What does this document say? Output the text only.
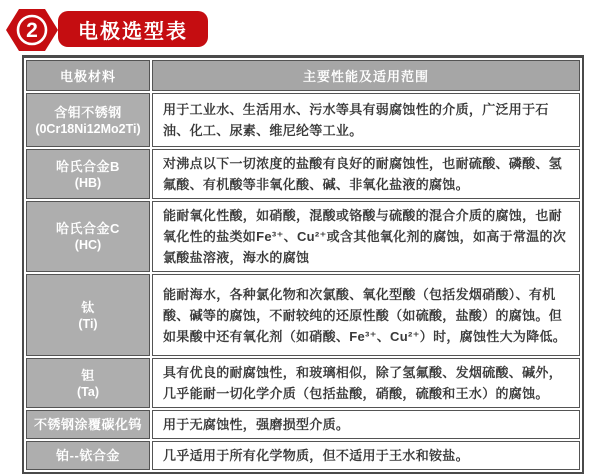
2 电极选型表
电极材料	主要性能及适用范围

含钼不锈钢
(0Cr18Ni12Mo2Ti)	用于工业水、生活用水、污水等具有弱腐蚀性的介质，广泛用于石油、化工、尿素、维尼纶等工业。

哈氏合金B
(HB)	对沸点以下一切浓度的盐酸有良好的耐腐蚀性，也耐硫酸、磷酸、氢氟酸、有机酸等非氧化酸、碱、非氧化盐液的腐蚀。

哈氏合金C
(HC)	能耐氧化性酸，如硝酸，混酸或铬酸与硫酸的混合介质的腐蚀，也耐氧化性的盐类如Fe³⁺、Cu²⁺或含其他氧化剂的腐蚀，如高于常温的次氯酸盐溶液，海水的腐蚀

钛
(Ti)	能耐海水，各种氯化物和次氯酸、氧化型酸（包括发烟硝酸）、有机酸、碱等的腐蚀，不耐较纯的还原性酸（如硫酸，盐酸）的腐蚀。但如果酸中还有氧化剂（如硝酸、Fe³⁺、Cu²⁺）时，腐蚀性大为降低。

钽
(Ta)	具有优良的耐腐蚀性，和玻璃相似，除了氢氟酸、发烟硫酸、碱外，几乎能耐一切化学介质（包括盐酸，硝酸，硫酸和王水）的腐蚀。

不锈钢涂覆碳化钨	用于无腐蚀性，强磨损型介质。

铂--铱合金	几乎适用于所有化学物质，但不适用于王水和铵盐。
